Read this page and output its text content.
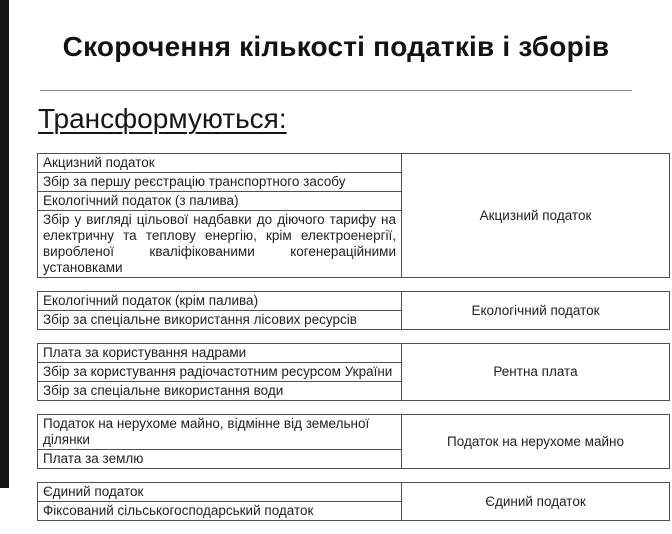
Скорочення кількості податків і зборів
Трансформуються:
Акцизний податок	Акцизний податок
Збір за першу реєстрацію транспортного засобу
Екологічний податок (з палива)
Збір у вигляді цільової надбавки до діючого тарифу на електричну та теплову енергію, крім електроенергії, виробленої кваліфікованими когенераційними установками
Екологічний податок (крім палива)	Екологічний податок
Збір за спеціальне використання лісових ресурсів
Плата за користування надрами	Рентна плата
Збір за користування радіочастотним ресурсом України
Збір за спеціальне використання води
Податок на нерухоме майно, відмінне від земельної ділянки	Податок на нерухоме майно
Плата за землю
Єдиний податок	Єдиний податок
Фіксований сільськогосподарський податок
